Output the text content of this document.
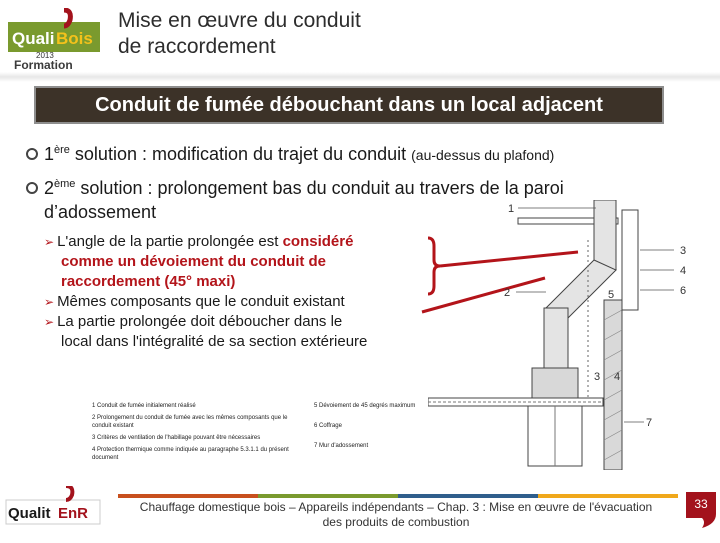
Quali Bois
2013
Formation
Mise en œuvre du conduit
de raccordement
Conduit de fumée débouchant dans un local adjacent
1ère solution : modification du trajet du conduit (au-dessus du plafond)
2ème solution : prolongement bas du conduit au travers de la paroi
d’adossement
➢ L'angle de la partie prolongée est considéré
comme un dévoiement du conduit de
raccordement (45° maxi)
➢ Mêmes composants que le conduit existant
➢ La partie prolongée doit déboucher dans le
local dans l'intégralité de sa section extérieure
1
2
3
4
5	6
3 4
7
1 Conduit de fumée initialement réalisé
2 Prolongement du conduit de fumée avec les mêmes composants que le conduit existant
3 Critères de ventilation de l'habillage pouvant être nécessaires
4 Protection thermique comme indiquée au paragraphe 5.3.1.1 du présent document
5 Dévoiement de 45 degrés maximum
6 Coffrage
7 Mur d'adossement
Chauffage domestique bois – Appareils indépendants – Chap. 3 : Mise en œuvre de l'évacuation
des produits de combustion
Qualit EnR
33
